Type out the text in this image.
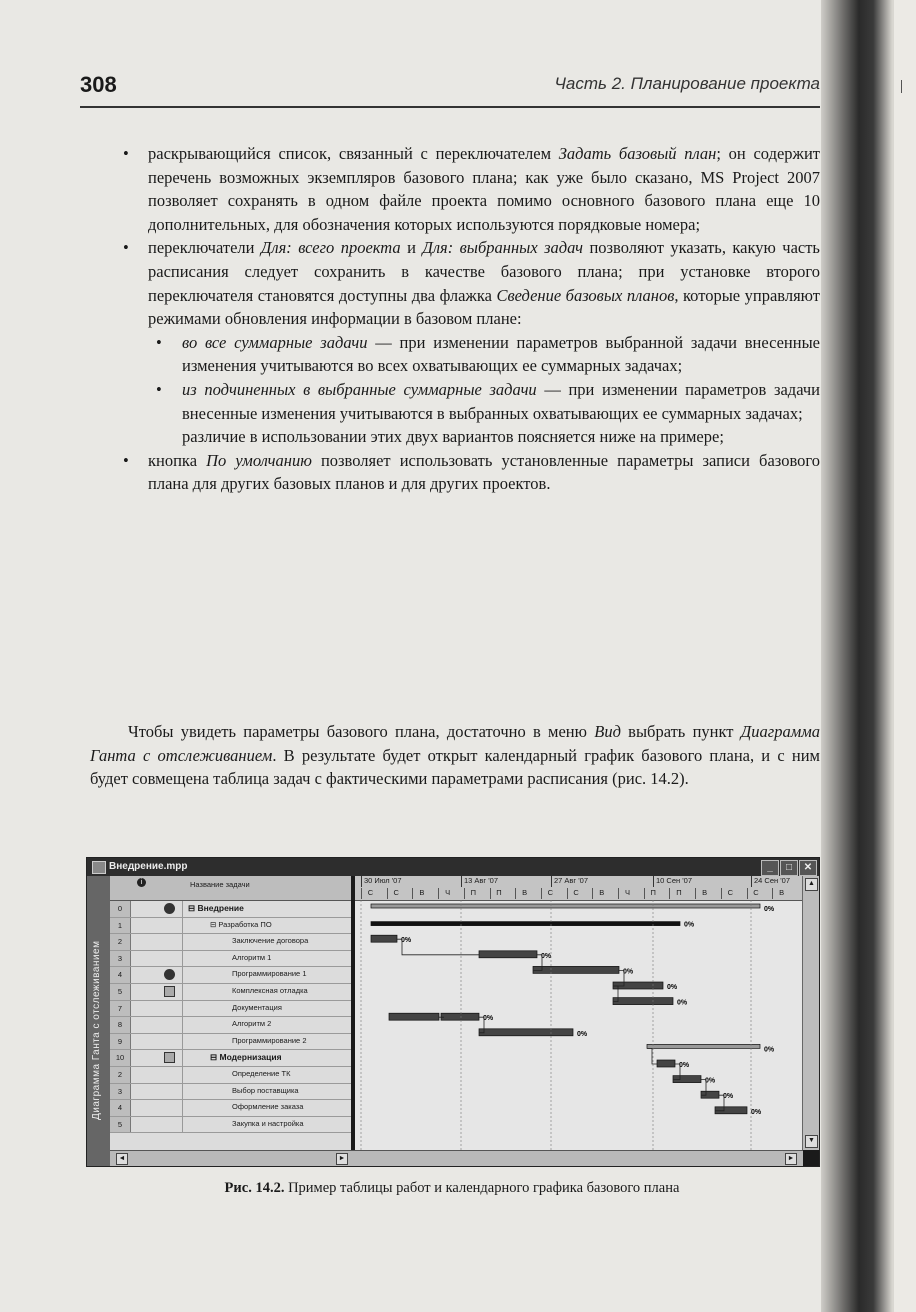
|
308	Часть 2. Планирование проекта
• раскрывающийся список, связанный с переключателем Задать базовый план; он содержит перечень возможных экземпляров базового плана; как уже было сказано, MS Project 2007 позволяет сохранять в одном файле проекта помимо основного базового плана еще 10 дополнительных, для обозначения которых используются порядковые номера;
• переключатели Для: всего проекта и Для: выбранных задач позволяют указать, какую часть расписания следует сохранить в качестве базового плана; при установке второго переключателя становятся доступны два флажка Сведение базовых планов, которые управляют режимами обновления информации в базовом плане:
• во все суммарные задачи — при изменении параметров выбранной задачи внесенные изменения учитываются во всех охватывающих ее суммарных задачах;
• из подчиненных в выбранные суммарные задачи — при изменении параметров задачи внесенные изменения учитываются в выбранных охватывающих ее суммарных задачах;
различие в использовании этих двух вариантов поясняется ниже на примере;
• кнопка По умолчанию позволяет использовать установленные параметры записи базового плана для других базовых планов и для других проектов.
Чтобы увидеть параметры базового плана, достаточно в меню Вид выбрать пункт Диаграмма Ганта с отслеживанием. В результате будет открыт календарный график базового плана, и с ним будет совмещена таблица задач с фактическими параметрами расписания (рис. 14.2).
Внедрение.mpp	_	□	✕
Диаграмма Ганта с отслеживанием
i	Название задачи
0	⊟ Внедрение
1	⊟ Разработка ПО
2	Заключение договора
3	Алгоритм 1
4	Программирование 1
5	Комплексная отладка
7	Документация
8	Алгоритм 2
9	Программирование 2
10	⊟ Модернизация
2	Определение ТК
3	Выбор поставщика
4	Оформление заказа
5	Закупка и настройка
30 Июл '07	13 Авг '07	27 Авг '07	10 Сен '07	24 Сен '07
С	С	В	Ч	П	П	В	С	С	В	Ч	П	П	В	С	С	В
0%
0%
0%
0%
0%
0%
0%
0%
0%
0%
0%
0%
0%
0%
▲
▼
►
◄	►
Рис. 14.2. Пример таблицы работ и календарного графика базового плана
